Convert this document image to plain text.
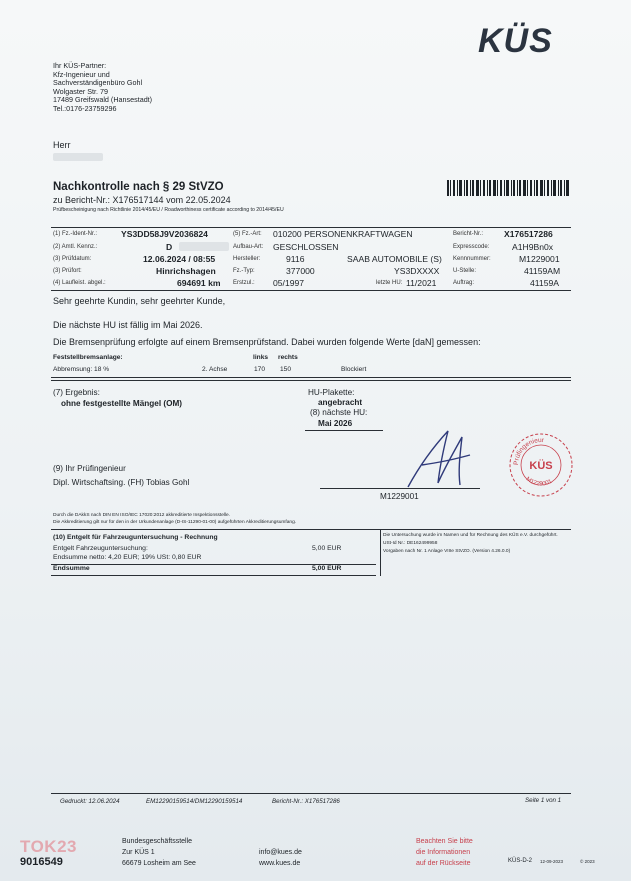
KÜS
Ihr KÜS-Partner:
Kfz-Ingenieur und
Sachverständigenbüro Gohl
Wolgaster Str. 79
17489 Greifswald (Hansestadt)
Tel.:0176-23759296
Herr
Nachkontrolle nach § 29 StVZO
zu Bericht-Nr.: X176517144 vom 22.05.2024
Prüfbescheinigung nach Richtlinie 2014/45/EU / Roadworthiness certificate according to 2014/45/EU
(1) Fz.-Ident-Nr.:	YS3DD58J9V2036824
(2) Amtl. Kennz.:	D
(3) Prüfdatum:	12.06.2024 / 08:55
(3) Prüfort:	Hinrichshagen
(4) Laufleist. abgel.:	694691 km
(5) Fz.-Art: 010200 PERSONENKRAFTWAGEN
Aufbau-Art: GESCHLOSSEN
Hersteller:	9116	SAAB AUTOMOBILE (S)
Fz.-Typ:	377000	YS3DXXXX
Erstzul.: 05/1997	letzte HU: 11/2021
Bericht-Nr.: X176517286
Expresscode:	A1H9Bn0x
Kennnummer:	M1229001
U-Stelle:	41159AM
Auftrag:	41159A
Sehr geehrte Kundin, sehr geehrter Kunde,
Die nächste HU ist fällig im Mai 2026.
Die Bremsenprüfung erfolgte auf einem Bremsenprüfstand. Dabei wurden folgende Werte [daN] gemessen:
Feststellbremsanlage:	links rechts
Abbremsung: 18 %	2. Achse	170 150	Blockiert
(7) Ergebnis:
ohne festgestellte Mängel (OM)
HU-Plakette:
angebracht
(8) nächste HU:
Mai 2026
(9) Ihr Prüfingenieur
Dipl. Wirtschaftsing. (FH) Tobias Gohl
M1229001
Prüfingenieur
M1229001
KÜS
Durch die DAkkS nach DIN EN ISO/IEC 17020:2012 akkreditierte Inspektionsstelle.
Die Akkreditierung gilt nur für den in der Urkundenanlage (D-IS-11290-01-00) aufgeführten Akkreditierungsumfang.
(10) Entgelt für Fahrzeuguntersuchung - Rechnung
Entgelt Fahrzeuguntersuchung:	5,00 EUR
Endsumme netto: 4,20 EUR; 19% USt: 0,80 EUR
Endsumme	5,00 EUR
Die Untersuchung wurde im Namen und für Rechnung des KÜS e.V. durchgeführt.
USt-Id Nr.: DE162499958
Vorgaben nach Nr. 1 Anlage VIIIe StVZO. (Version 4.26.0.0)
Gedruckt: 12.06.2024	EM12290159514/DM12290159514	Bericht-Nr.: X176517286	Seite 1 von 1
TOK23
9016549
Bundesgeschäftsstelle
Zur KÜS 1
66679 Losheim am See
info@kues.de
www.kues.de
Beachten Sie bitte
die Informationen
auf der Rückseite	KÜS-D-2 12-09-2023	© 2023
